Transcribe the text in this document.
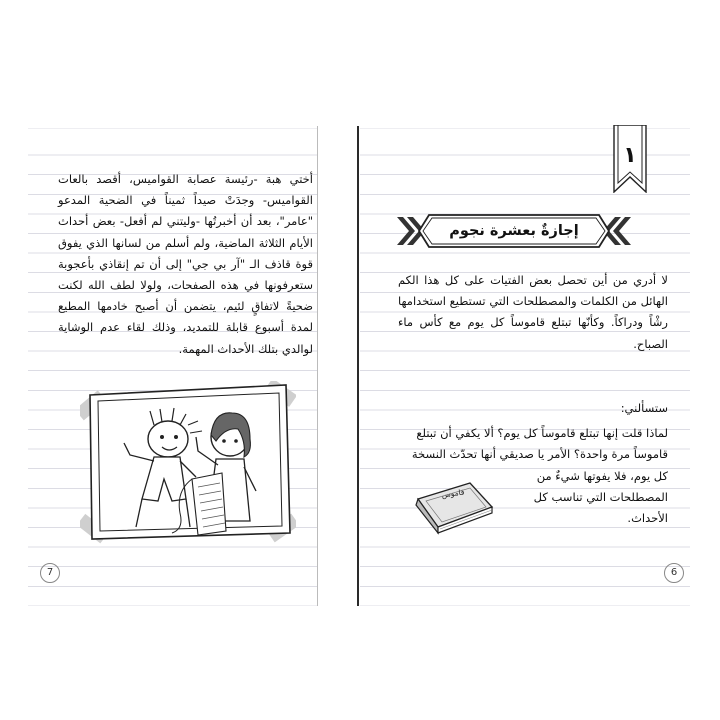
أختي هبة -رئيسة عصابة القواميس، أقصد بالعات القواميس- وجدَتْ صيداً ثميناً في الضحية المدعو "عامر"، بعد أن أخبرتُها -وليتني لم أفعل- بعض أحداث الأيام الثلاثة الماضية، ولم أسلم من لسانها الذي يفوق قوة قاذف الـ "آر بي جي" إلى أن تم إنقاذي بأعجوبة ستعرفونها في هذه الصفحات، ولولا لطف الله لكنت ضحيةً لاتفاقٍ لئيم، يتضمن أن أصبح خادمها المطيع لمدة أسبوع قابلة للتمديد، وذلك لقاء عدم الوشاية لوالدي بتلك الأحداث المهمة.

7
١
إجازةٌ بعشرة نجوم

لا أدري من أين تحصل بعض الفتيات على كل هذا الكم الهائل من الكلمات والمصطلحات التي تستطيع استخدامها رشْاً ودراكاً. وكأنّها تبتلع قاموساً كل يوم مع كأس ماء الصباح.

ستسألني:

لماذا قلت إنها تبتلع قاموساً كل يوم؟ ألا يكفي أن تبتلع

قاموساً مرة واحدة؟ الأمر يا صديقي أنها تحدّث النسخة

كل يوم، فلا يفوتها شيءٌ من

المصطلحات التي تناسب كل

الأحداث.

قاموس
6
